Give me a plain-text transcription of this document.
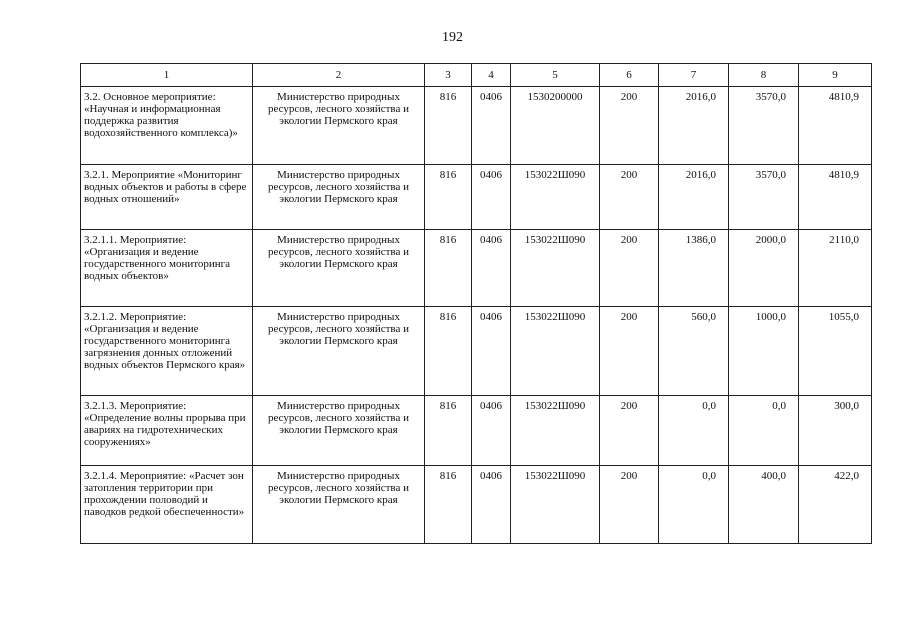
192
1	2	3	4	5	6	7	8	9
3.2. Основное мероприятие: «Научная и информационная поддержка развития водохозяйственного комплекса)»	Министерство природных ресурсов, лесного хозяйства и экологии Пермского края	816	0406	1530200000	200	2016,0	3570,0	4810,9
3.2.1. Мероприятие «Мониторинг водных объектов и работы в сфере водных отношений»	Министерство природных ресурсов, лесного хозяйства и экологии Пермского края	816	0406	153022Ш090	200	2016,0	3570,0	4810,9
3.2.1.1. Мероприятие: «Организация и ведение государственного мониторинга водных объектов»	Министерство природных ресурсов, лесного хозяйства и экологии Пермского края	816	0406	153022Ш090	200	1386,0	2000,0	2110,0
3.2.1.2. Мероприятие: «Организация и ведение государственного мониторинга загрязнения донных отложений водных объектов Пермского края»	Министерство природных ресурсов, лесного хозяйства и экологии Пермского края	816	0406	153022Ш090	200	560,0	1000,0	1055,0
3.2.1.3. Мероприятие: «Определение волны прорыва при авариях на гидротехнических сооружениях»	Министерство природных ресурсов, лесного хозяйства и экологии Пермского края	816	0406	153022Ш090	200	0,0	0,0	300,0
3.2.1.4. Мероприятие: «Расчет зон затопления территории при прохождении половодий и паводков редкой обеспеченности»	Министерство природных ресурсов, лесного хозяйства и экологии Пермского края	816	0406	153022Ш090	200	0,0	400,0	422,0
